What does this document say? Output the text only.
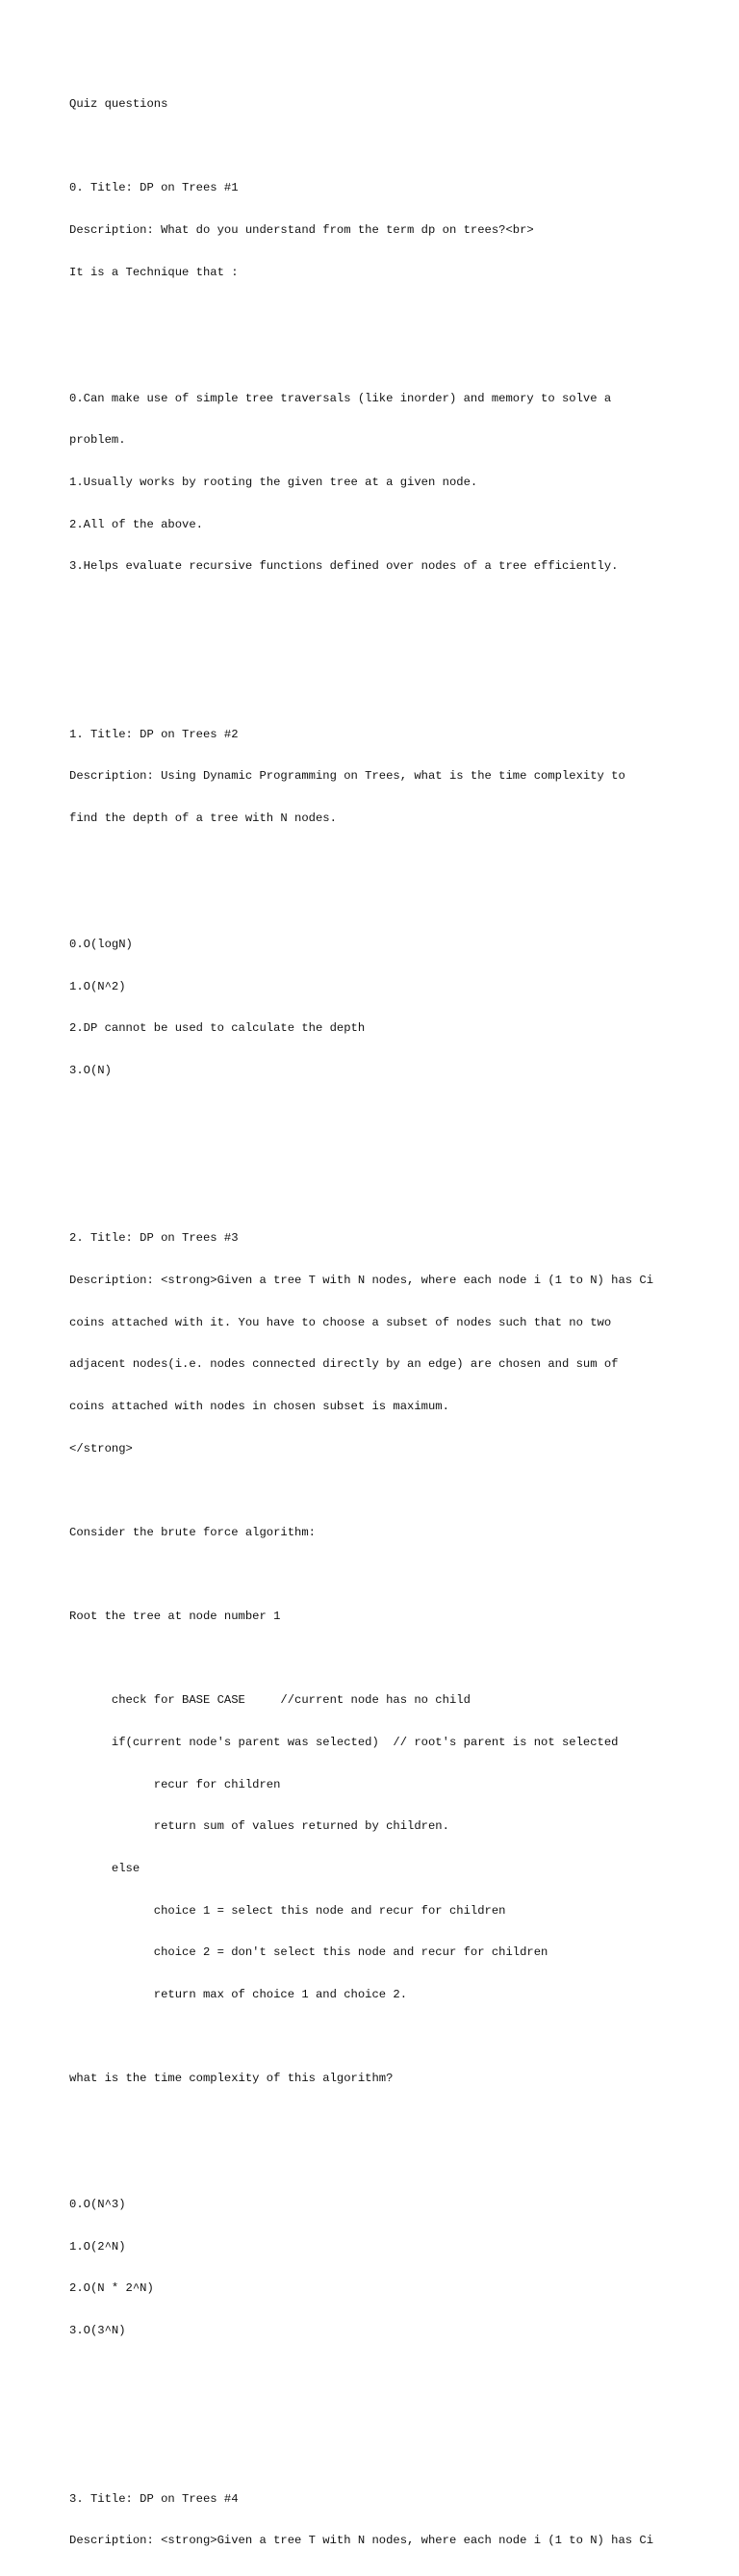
Quiz questions

0. Title: DP on Trees #1

Description: What do you understand from the term dp on trees?<br>

It is a Technique that :

0.Can make use of simple tree traversals (like inorder) and memory to solve a

problem.

1.Usually works by rooting the given tree at a given node.

2.All of the above.

3.Helps evaluate recursive functions defined over nodes of a tree efficiently.

1. Title: DP on Trees #2

Description: Using Dynamic Programming on Trees, what is the time complexity to

find the depth of a tree with N nodes.

0.O(logN)

1.O(N^2)

2.DP cannot be used to calculate the depth

3.O(N)

2. Title: DP on Trees #3

Description: <strong>Given a tree T with N nodes, where each node i (1 to N) has Ci

coins attached with it. You have to choose a subset of nodes such that no two

adjacent nodes(i.e. nodes connected directly by an edge) are chosen and sum of

coins attached with nodes in chosen subset is maximum.

</strong>

Consider the brute force algorithm:

Root the tree at node number 1

check for BASE CASE     //current node has no child

if(current node's parent was selected)  // root's parent is not selected

recur for children

return sum of values returned by children.

else

choice 1 = select this node and recur for children

choice 2 = don't select this node and recur for children

return max of choice 1 and choice 2.

what is the time complexity of this algorithm?

0.O(N^3)

1.O(2^N)

2.O(N * 2^N)

3.O(3^N)

3. Title: DP on Trees #4

Description: <strong>Given a tree T with N nodes, where each node i (1 to N) has Ci
